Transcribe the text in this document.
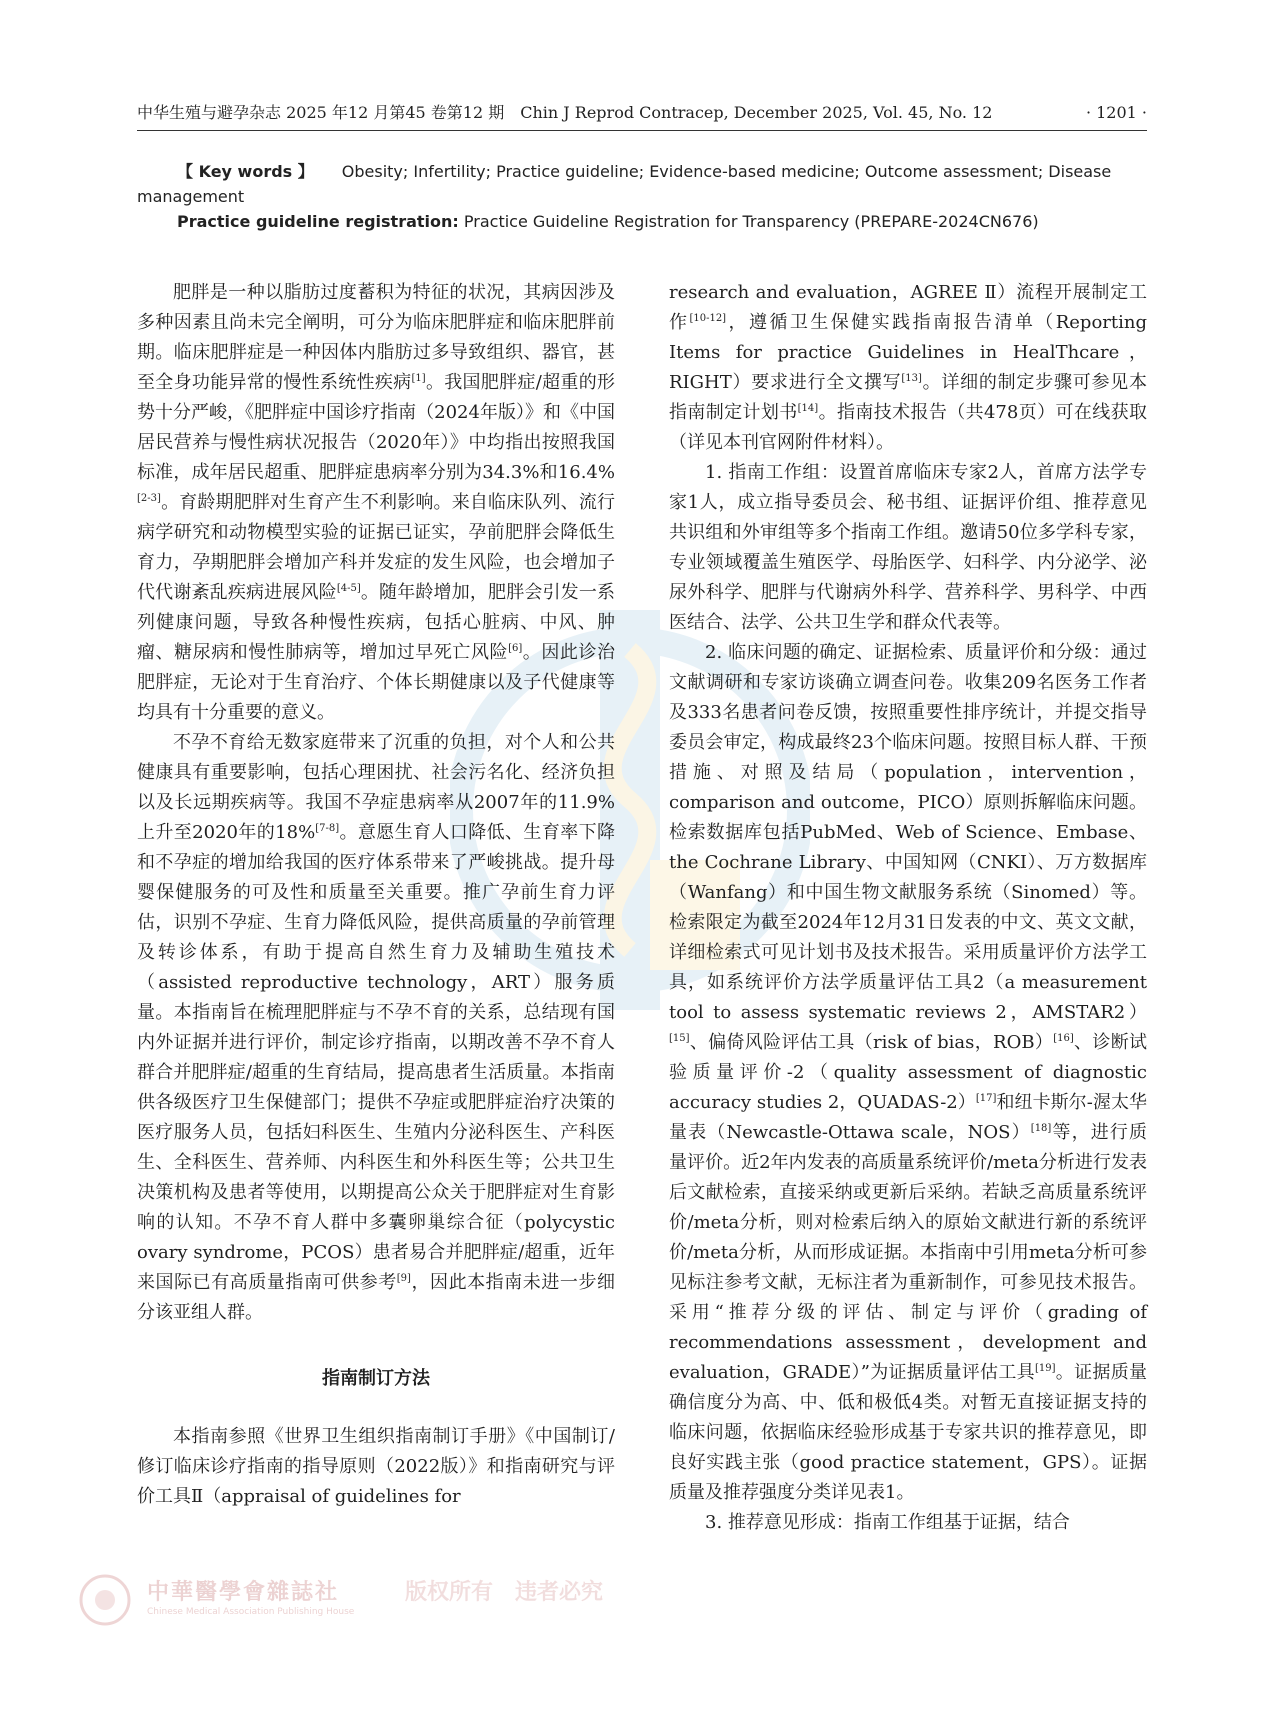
中华生殖与避孕杂志 2025 年12 月第45 卷第12 期　Chin J Reprod Contracep, December 2025, Vol. 45, No. 12	· 1201 ·
【 Key words 】 Obesity; Infertility; Practice guideline; Evidence-based medicine; Outcome assessment; Disease management
Practice guideline registration: Practice Guideline Registration for Transparency (PREPARE-2024CN676)

肥胖是一种以脂肪过度蓄积为特征的状况，其病因涉及多种因素且尚未完全阐明，可分为临床肥胖症和临床肥胖前期。临床肥胖症是一种因体内脂肪过多导致组织、器官，甚至全身功能异常的慢性系统性疾病[1]。我国肥胖症/超重的形势十分严峻，《肥胖症中国诊疗指南（2024年版）》和《中国居民营养与慢性病状况报告（2020年）》中均指出按照我国标准，成年居民超重、肥胖症患病率分别为34.3%和16.4%[2-3]。育龄期肥胖对生育产生不利影响。来自临床队列、流行病学研究和动物模型实验的证据已证实，孕前肥胖会降低生育力，孕期肥胖会增加产科并发症的发生风险，也会增加子代代谢紊乱疾病进展风险[4-5]。随年龄增加，肥胖会引发一系列健康问题，导致各种慢性疾病，包括心脏病、中风、肿瘤、糖尿病和慢性肺病等，增加过早死亡风险[6]。因此诊治肥胖症，无论对于生育治疗、个体长期健康以及子代健康等均具有十分重要的意义。

不孕不育给无数家庭带来了沉重的负担，对个人和公共健康具有重要影响，包括心理困扰、社会污名化、经济负担以及长远期疾病等。我国不孕症患病率从2007年的11.9%上升至2020年的18%[7-8]。意愿生育人口降低、生育率下降和不孕症的增加给我国的医疗体系带来了严峻挑战。提升母婴保健服务的可及性和质量至关重要。推广孕前生育力评估，识别不孕症、生育力降低风险，提供高质量的孕前管理及转诊体系，有助于提高自然生育力及辅助生殖技术（assisted reproductive technology，ART）服务质量。本指南旨在梳理肥胖症与不孕不育的关系，总结现有国内外证据并进行评价，制定诊疗指南，以期改善不孕不育人群合并肥胖症/超重的生育结局，提高患者生活质量。本指南供各级医疗卫生保健部门；提供不孕症或肥胖症治疗决策的医疗服务人员，包括妇科医生、生殖内分泌科医生、产科医生、全科医生、营养师、内科医生和外科医生等；公共卫生决策机构及患者等使用，以期提高公众关于肥胖症对生育影响的认知。不孕不育人群中多囊卵巢综合征（polycystic ovary syndrome，PCOS）患者易合并肥胖症/超重，近年来国际已有高质量指南可供参考[9]，因此本指南未进一步细分该亚组人群。

指南制订方法

本指南参照《世界卫生组织指南制订手册》《中国制订/修订临床诊疗指南的指导原则（2022版）》和指南研究与评价工具Ⅱ（appraisal of guidelines for

research and evaluation，AGREE Ⅱ）流程开展制定工作[10-12]，遵循卫生保健实践指南报告清单（Reporting Items for practice Guidelines in HealThcare，RIGHT）要求进行全文撰写[13]。详细的制定步骤可参见本指南制定计划书[14]。指南技术报告（共478页）可在线获取（详见本刊官网附件材料）。

1. 指南工作组：设置首席临床专家2人，首席方法学专家1人，成立指导委员会、秘书组、证据评价组、推荐意见共识组和外审组等多个指南工作组。邀请50位多学科专家，专业领域覆盖生殖医学、母胎医学、妇科学、内分泌学、泌尿外科学、肥胖与代谢病外科学、营养科学、男科学、中西医结合、法学、公共卫生学和群众代表等。

2. 临床问题的确定、证据检索、质量评价和分级：通过文献调研和专家访谈确立调查问卷。收集209名医务工作者及333名患者问卷反馈，按照重要性排序统计，并提交指导委员会审定，构成最终23个临床问题。按照目标人群、干预措施、对照及结局（population，intervention，comparison and outcome，PICO）原则拆解临床问题。检索数据库包括PubMed、Web of Science、Embase、the Cochrane Library、中国知网（CNKI）、万方数据库（Wanfang）和中国生物文献服务系统（Sinomed）等。检索限定为截至2024年12月31日发表的中文、英文文献，详细检索式可见计划书及技术报告。采用质量评价方法学工具，如系统评价方法学质量评估工具2（a measurement tool to assess systematic reviews 2，AMSTAR2）[15]、偏倚风险评估工具（risk of bias，ROB）[16]、诊断试验质量评价-2（quality assessment of diagnostic accuracy studies 2，QUADAS-2）[17]和纽卡斯尔-渥太华量表（Newcastle-Ottawa scale，NOS）[18]等，进行质量评价。近2年内发表的高质量系统评价/meta分析进行发表后文献检索，直接采纳或更新后采纳。若缺乏高质量系统评价/meta分析，则对检索后纳入的原始文献进行新的系统评价/meta分析，从而形成证据。本指南中引用meta分析可参见标注参考文献，无标注者为重新制作，可参见技术报告。采用“推荐分级的评估、制定与评价（grading of recommendations assessment，development and evaluation，GRADE）”为证据质量评估工具[19]。证据质量确信度分为高、中、低和极低4类。对暂无直接证据支持的临床问题，依据临床经验形成基于专家共识的推荐意见，即良好实践主张（good practice statement，GPS）。证据质量及推荐强度分类详见表1。

3. 推荐意见形成：指南工作组基于证据，结合

中華醫學會雜誌社
Chinese Medical Association Publishing House
版权所有　违者必究
